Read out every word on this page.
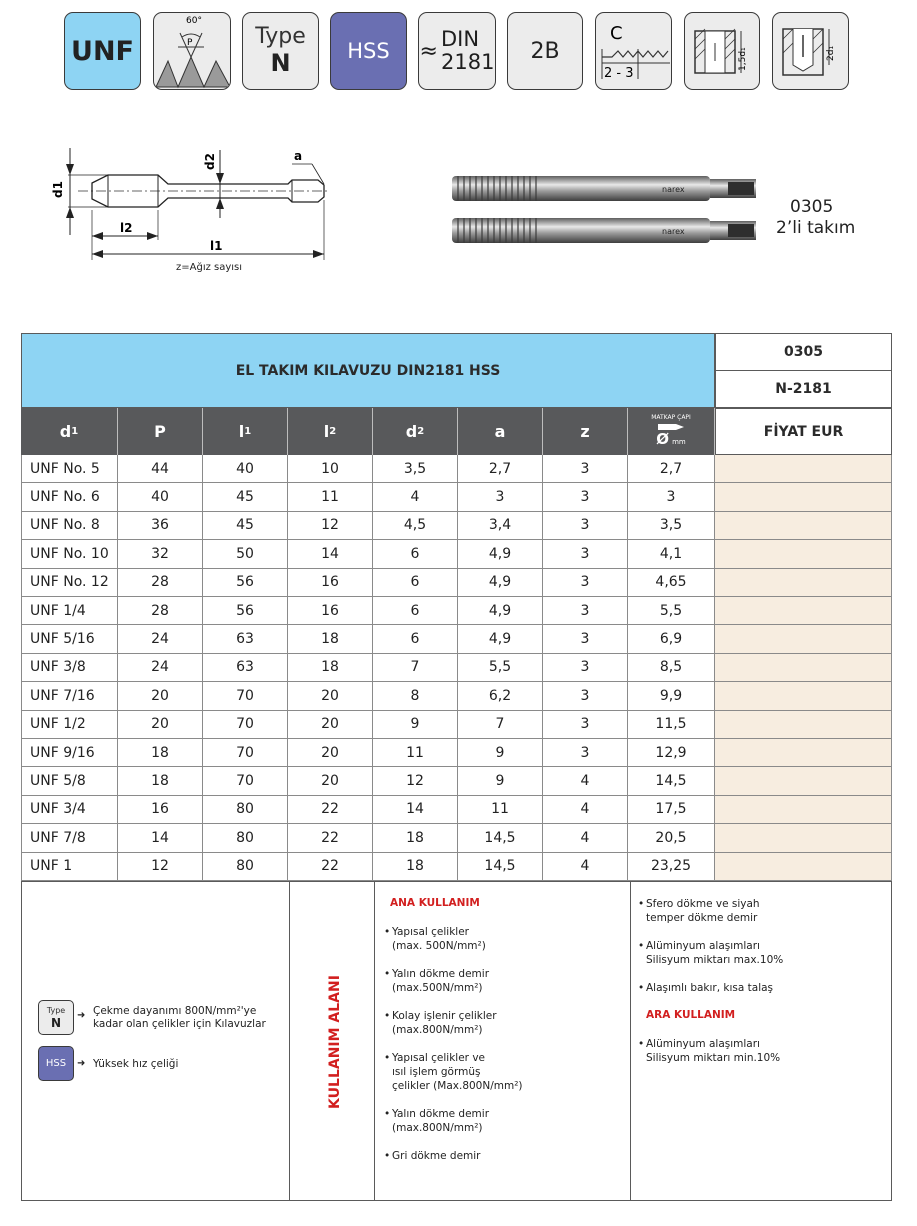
UNF
60°
P	Type
N	HSS ≈ DIN
2181 2B
C
2 - 3
1,5d₁	2d₁
d1
d2	a
l2
l1
z=Ağız sayısı
narex
narex
0305
2’li takım
EL TAKIM KILAVUZU DIN2181 HSS
0305
N-2181
d 1	P	l 1	l 2	d 2	a	z
MATKAP ÇAPI
Ø mm
FİYAT EUR
UNF No. 5	44	40	10	3,5	2,7	3	2,7
UNF No. 6	40	45	11	4	3	3	3
UNF No. 8	36	45	12	4,5	3,4	3	3,5
UNF No. 10	32	50	14	6	4,9	3	4,1
UNF No. 12	28	56	16	6	4,9	3	4,65
UNF 1/4	28	56	16	6	4,9	3	5,5
UNF 5/16	24	63	18	6	4,9	3	6,9
UNF 3/8	24	63	18	7	5,5	3	8,5
UNF 7/16	20	70	20	8	6,2	3	9,9
UNF 1/2	20	70	20	9	7	3	11,5
UNF 9/16	18	70	20	11	9	3	12,9
UNF 5/8	18	70	20	12	9	4	14,5
UNF 3/4	16	80	22	14	11	4	17,5
UNF 7/8	14	80	22	18	14,5	4	20,5
UNF 1	12	80	22	18	14,5	4	23,25
Type
N ➜ Çekme dayanımı 800N/mm²'ye
kadar olan çelikler için Kılavuzlar
HSS ➜ Yüksek hız çeliği	KULLANIM ALANI
ANA KULLANIM
• Yapısal çelikler
(max. 500N/mm²)
• Yalın dökme demir
(max.500N/mm²)
• Kolay işlenir çelikler
(max.800N/mm²)
• Yapısal çelikler ve
ısıl işlem görmüş
çelikler (Max.800N/mm²)
• Yalın dökme demir
(max.800N/mm²)
• Gri dökme demir
• Sfero dökme ve siyah
temper dökme demir
• Alüminyum alaşımları
Silisyum miktarı max.10%
• Alaşımlı bakır, kısa talaş
ARA KULLANIM
• Alüminyum alaşımları
Silisyum miktarı min.10%
